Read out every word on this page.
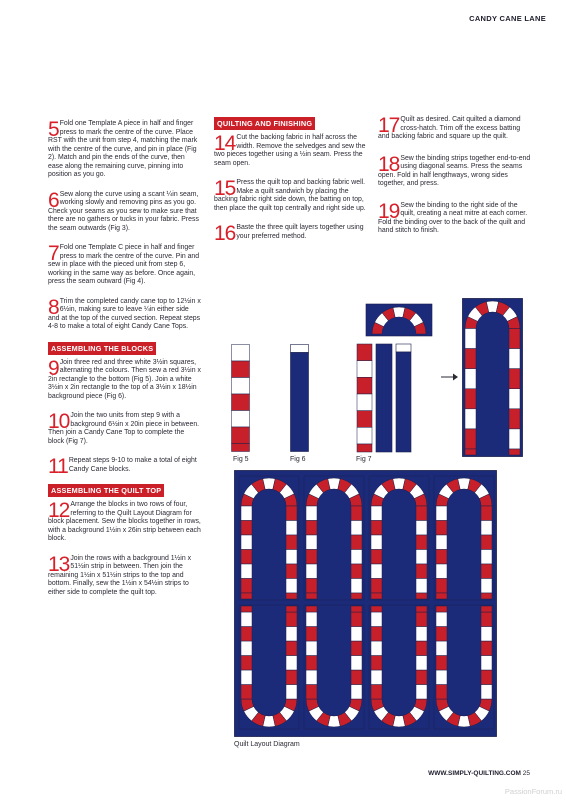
CANDY CANE LANE

5 Fold one Template A piece in half and finger press to mark the centre of the curve. Place RST with the unit from step 4, matching the mark with the centre of the curve, and pin in place (Fig 2). Match and pin the ends of the curve, then ease along the remaining curve, pinning into position as you go.

6 Sew along the curve using a scant ¼in seam, working slowly and removing pins as you go. Check your seams as you sew to make sure that there are no gathers or tucks in your fabric. Press the seam outwards (Fig 3).

7 Fold one Template C piece in half and finger press to mark the centre of the curve. Pin and sew in place with the pieced unit from step 6, working in the same way as before. Once again, press the seam outward (Fig 4).

8 Trim the completed candy cane top to 12½in x 6½in, making sure to leave ¼in either side and at the top of the curved section. Repeat steps 4-8 to make a total of eight Candy Cane Tops.

ASSEMBLING THE BLOCKS

9 Join three red and three white 3½in squares, alternating the colours. Then sew a red 3½in x 2in rectangle to the bottom (Fig 5). Join a white 3½in x 2in rectangle to the top of a 3½in x 18½in background piece (Fig 6).

10 Join the two units from step 9 with a background 6½in x 20in piece in between. Then join a Candy Cane Top to complete the block (Fig 7).

11 Repeat steps 9-10 to make a total of eight Candy Cane blocks.

ASSEMBLING THE QUILT TOP

12 Arrange the blocks in two rows of four, referring to the Quilt Layout Diagram for block placement. Sew the blocks together in rows, with a background 1½in x 26in strip between each block.

13 Join the rows with a background 1½in x 51½in strip in between. Then join the remaining 1½in x 51½in strips to the top and bottom. Finally, sew the 1½in x 54½in strips to either side to complete the quilt top.

QUILTING AND FINISHING

14 Cut the backing fabric in half across the width. Remove the selvedges and sew the two pieces together using a ½in seam. Press the seam open.

15 Press the quilt top and backing fabric well. Make a quilt sandwich by placing the backing fabric right side down, the batting on top, then place the quilt top centrally and right side up.

16 Baste the three quilt layers together using your preferred method.

17 Quilt as desired. Cait quilted a diamond cross-hatch. Trim off the excess batting and backing fabric and square up the quilt.

18 Sew the binding strips together end-to-end using diagonal seams. Press the seams open. Fold in half lengthways, wrong sides together, and press.

19 Sew the binding to the right side of the quilt, creating a neat mitre at each corner. Fold the binding over to the back of the quilt and hand stitch to finish.

Fig 5	Fig 6	Fig 7
Quilt Layout Diagram
WWW.SIMPLY-QUILTING.COM 25
PassionForum.ru
